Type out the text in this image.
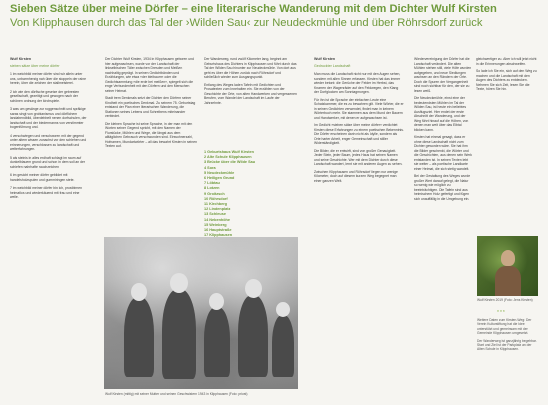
Sieben Sätze über meine Dörfer – eine literarische Wanderung mit dem Dichter Wulf Kirsten
Von Klipphausen durch das Tal der ›Wilden Sau‹ zur Neudeckmühle und über Röhrsdorf zurück
Wulf Kirsten
sieben sätze über meine dörfer

1 im weichbild meiner dörfer sind wir allein unter uns, unbarmherzig nah über die stoppeln der raine herein, über die zeichen der stallmeisterei.

2 ich wie den dörfische gesetze der gebresten gesellschaft, gezeitigt und gewogen nach der schönen ordnung der kirchspiele.

3 was um gesänge zur roggenschnitt und spräkige saras singt von grobianismus und dörflichem landabendbild, überdebbelt nenen dorfschulen, der landschaft und der biedermanns von verstimmter bogenführung und.

4 verschwiegen und verschworen mit der gegend unter altem wissen zunachst vor den schlehen und erinnerungen, verschlossen zu landschaft und welterfahrungen.

5 als steinis in alles erdhaft schlagt im raum auf dunkelblauem grund und schon in dem soll an der schiefen nahrhafte rauchzeichen

6 im gesicht meiner dörfer gebildet mit handelsholzspulen und gummiringen stete.

7 im weichbild meiner dörfer bin ich, prostbirnen heimatlos und wiederkäuend mit frau und eine weile.

Der Dichter Wulf Kirsten, 1934 in Klipphausen geboren und hier aufgewachsen, wurde vor der Landschaft der linkselbischen Täler zwischen Dresden und Meißen nachhaltig geprägt. In seinen Gedichtbänden und Erzählungen, wie etwa »der bleibaum« oder die Gedichtsammlung »die erde bei meißen«, spiegelt sich die enge Verbundenheit mit den Dörfern und den Menschen seiner Heimat.

Stadt trem Denkmals setzt der Dichter den Dörfern seiner Kindheit ein poetisches Denkmal. Zu seinem 75. Geburtstag entstand der Plan einer literarischen Wanderung, die Stationen seines Lebens und Schreibens miteinander verbindet.

Die kleinen Sprache ist seine Sprache, in der man mit den Worten seiner Gegend spricht, mit den Namen der Flurstücke, Mühlen und Wege, die längst aus dem alltäglichen Gebrauch verschwunden sind. Einwohnerzahl, Hofnamen, Mundartwörter – all das bewahrt Kirsten in seinen Texten auf.

Der Wanderweg, rund zwölf Kilometer lang, beginnt am Geburtshaus des Dichters in Klipphausen und führt durch das Tal der Wilden Sau hinunter zur Neudeckmühle. Von dort aus geht es über die Höhen zurück nach Röhrsdorf und schließlich wieder zum Ausgangspunkt.

Entlang des Weges laden Tafeln mit Gedichten und Prosatexten zum Innehalten ein. Sie erzählen von der Geschichte der Orte, von alten Handwerken und vergessenen Berufen, vom Wandel der Landschaft im Laufe der Jahrzehnte.

1 Geburtshaus Wulf Kirsten
2 Alte Schule Klipphausen
3 Brücke über die Wilde Sau
4 Sora
5 Neudeckmühle
6 Heiligen Grund
7 Löbtau
8 Lotzen
9 Groitzsch
10 Röhrsdorf
11 Kirchberg
12 Lindenplatz
13 Schleuse
14 Nebenhöhe
15 Weinberg
16 Hauptstraße
17 Klipphausen
Wulf Kirsten (mittig) mit seiner Mutter und seinen Geschwistern 1943 in Klipphausen (Foto: privat)
Wulf Kirsten
Gedruckter Landschaft

Man muss die Landschaft nicht nur mit den Augen sehen, sondern mit allen Sinnen erfassen. Kirsten hat das immer wieder betont: die Gerüche der Felder im Herbst, das Knarren der Wagenräder auf den Feldwegen, den Klang der Dorfglocken am Sonntagmorgen.

Für ihn ist die Sprache der einfachen Leute eine Schatzkammer, die es zu bewahren gilt. Viele Wörter, die er in seinen Gedichten verwendet, findet man in keinem Wörterbuch mehr. Sie stammen aus dem Mund der Bauern und Handwerker, mit denen er aufgewachsen ist.

Im Gedicht »sieben sätze über meine dörfer« verdichtet Kirsten diese Erfahrungen zu einem poetischen Bekenntnis. Die Dörfer erscheinen darin nicht als Idylle, sondern als Orte harter Arbeit, enger Gemeinschaft und stiller Widerständigkeit.

Die Bilder, die er entwirft, sind von großer Genauigkeit. Jeder Stein, jeder Baum, jedes Haus hat seinen Namen und seine Geschichte. Wer mit dem Dichter durch diese Landschaft wandert, lernt sie mit anderen Augen zu sehen.

Zwischen Klipphausen und Röhrsdorf liegen nur wenige Kilometer, doch auf diesem kurzen Weg begegnet man einer ganzen Welt.

Wiedervereinigung der Dörfer hat die Landschaft verändert. Die alten Mühlen stehen still, viele Höfe wurden aufgegeben, und neue Siedlungen wachsen an den Rändern der Orte. Doch die Spuren der Vergangenheit sind noch sichtbar für den, der sie zu lesen weiß.

Die Neudeckmühle, einst eine der bedeutendsten Mühlen im Tal der Wilden Sau, ist heute ein beliebtes Ausflugsziel. Hier endet der erste Abschnitt der Wanderung, und der Weg führt hinauf auf die Höhen, von denen man weit über das Elbtal blicken kann.

Kirsten hat einmal gesagt, dass er ohne diese Landschaft nicht zum Dichter geworden wäre. Sie hat ihm die Bilder geschenkt, die Wörter und die Geschichten, aus denen sein Werk entstanden ist. In seinen Texten lebt sie weiter – als poetische Landkarte einer Heimat, die sich stetig wandelt.

Bei der Gestaltung des Weges wurde großer Wert darauf gelegt, die Natur so wenig wie möglich zu beeinträchtigen. Die Tafeln sind aus heimischem Holz gefertigt und fügen sich unauffällig in die Umgebung ein.

gleichwertiger zu. Aber ich will jetzt nicht in die Erinnerungen abschweifen.

So lade ich Sie ein, sich auf den Weg zu machen und die Landschaft mit den Augen des Dichters zu entdecken. Nehmen Sie sich Zeit, lesen Sie die Texte, hören Sie hin.

Wulf Kirsten 2019 (Foto: Jens Kirsten)
***

Weitere Daten zum Kirsten-Weg: Der Verein Kulturstiftung hat die Idee unterstützt und gemeinsam mit der Gemeinde Klipphausen umgesetzt.

Der Wanderweg ist ganzjährig begehbar. Start und Ziel ist der Parkplatz an der Alten Schule in Klipphausen.
